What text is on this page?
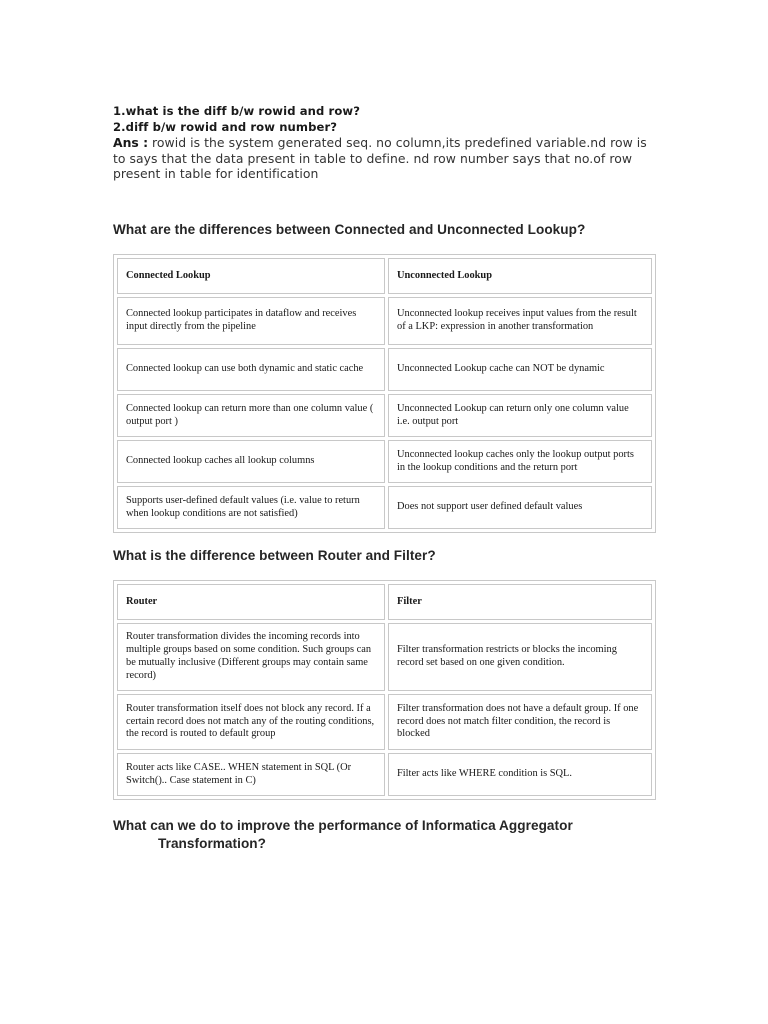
1.what is the diff b/w rowid and row?
2.diff b/w rowid and row number?
Ans : rowid is the system generated seq. no column,its predefined variable.nd row is to says that the data present in table to define. nd row number says that no.of row present in table for identification
What are the differences between Connected and Unconnected Lookup?
Connected Lookup	Unconnected Lookup
Connected lookup participates in dataflow and receives input directly from the pipeline	Unconnected lookup receives input values from the result of a LKP: expression in another transformation
Connected lookup can use both dynamic and static cache	Unconnected Lookup cache can NOT be dynamic
Connected lookup can return more than one column value ( output port )	Unconnected Lookup can return only one column value i.e. output port
Connected lookup caches all lookup columns	Unconnected lookup caches only the lookup output ports in the lookup conditions and the return port
Supports user-defined default values (i.e. value to return when lookup conditions are not satisfied)	Does not support user defined default values
What is the difference between Router and Filter?
Router	Filter
Router transformation divides the incoming records into multiple groups based on some condition. Such groups can be mutually inclusive (Different groups may contain same record)	Filter transformation restricts or blocks the incoming record set based on one given condition.
Router transformation itself does not block any record. If a certain record does not match any of the routing conditions, the record is routed to default group	Filter transformation does not have a default group. If one record does not match filter condition, the record is blocked
Router acts like CASE.. WHEN statement in SQL (Or Switch().. Case statement in C)	Filter acts like WHERE condition is SQL.
What can we do to improve the performance of Informatica Aggregator
Transformation?
